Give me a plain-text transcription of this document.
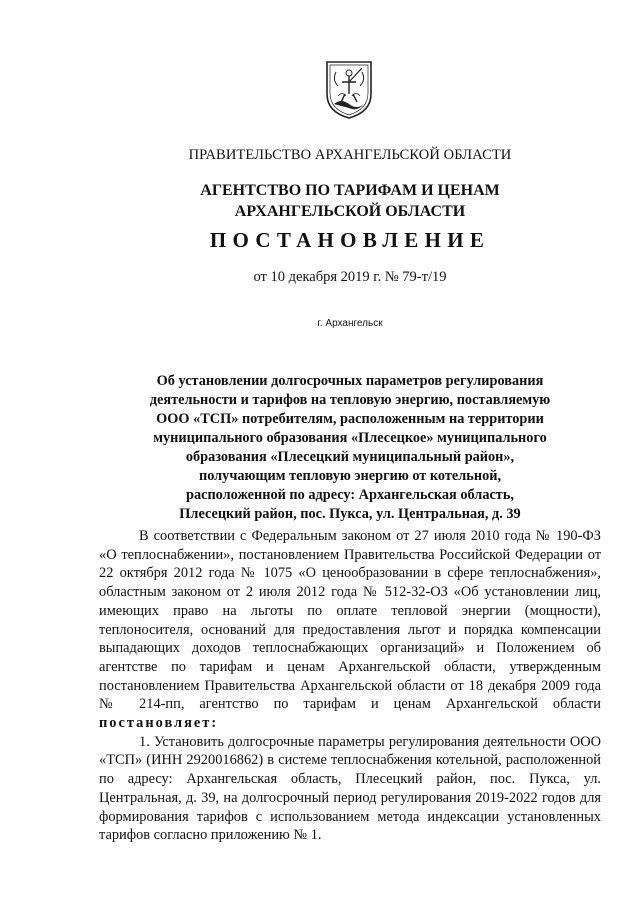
ПРАВИТЕЛЬСТВО АРХАНГЕЛЬСКОЙ ОБЛАСТИ
АГЕНТСТВО ПО ТАРИФАМ И ЦЕНАМ
АРХАНГЕЛЬСКОЙ ОБЛАСТИ
ПОСТАНОВЛЕНИЕ
от 10 декабря 2019 г. № 79-т/19
г. Архангельск
Об установлении долгосрочных параметров регулирования
деятельности и тарифов на тепловую энергию, поставляемую
ООО «ТСП» потребителям, расположенным на территории
муниципального образования «Плесецкое» муниципального
образования «Плесецкий муниципальный район»,
получающим тепловую энергию от котельной,
расположенной по адресу: Архангельская область,
Плесецкий район, пос. Пукса, ул. Центральная, д. 39

В соответствии с Федеральным законом от 27 июля 2010 года № 190-ФЗ «О теплоснабжении», постановлением Правительства Российской Федерации от 22 октября 2012 года № 1075 «О ценообразовании в сфере теплоснабжения», областным законом от 2 июля 2012 года № 512-32-ОЗ «Об установлении лиц, имеющих право на льготы по оплате тепловой энергии (мощности), теплоносителя, оснований для предоставления льгот и порядка компенсации выпадающих доходов теплоснабжающих организаций» и Положением об агентстве по тарифам и ценам Архангельской области, утвержденным постановлением Правительства Архангельской области от 18 декабря 2009 года № 214-пп, агентство по тарифам и ценам Архангельской области постановляет:

1. Установить долгосрочные параметры регулирования деятельности ООО «ТСП» (ИНН 2920016862) в системе теплоснабжения котельной, расположенной по адресу: Архангельская область, Плесецкий район, пос. Пукса, ул. Центральная, д. 39, на долгосрочный период регулирования 2019-2022 годов для формирования тарифов с использованием метода индексации установленных тарифов согласно приложению № 1.
